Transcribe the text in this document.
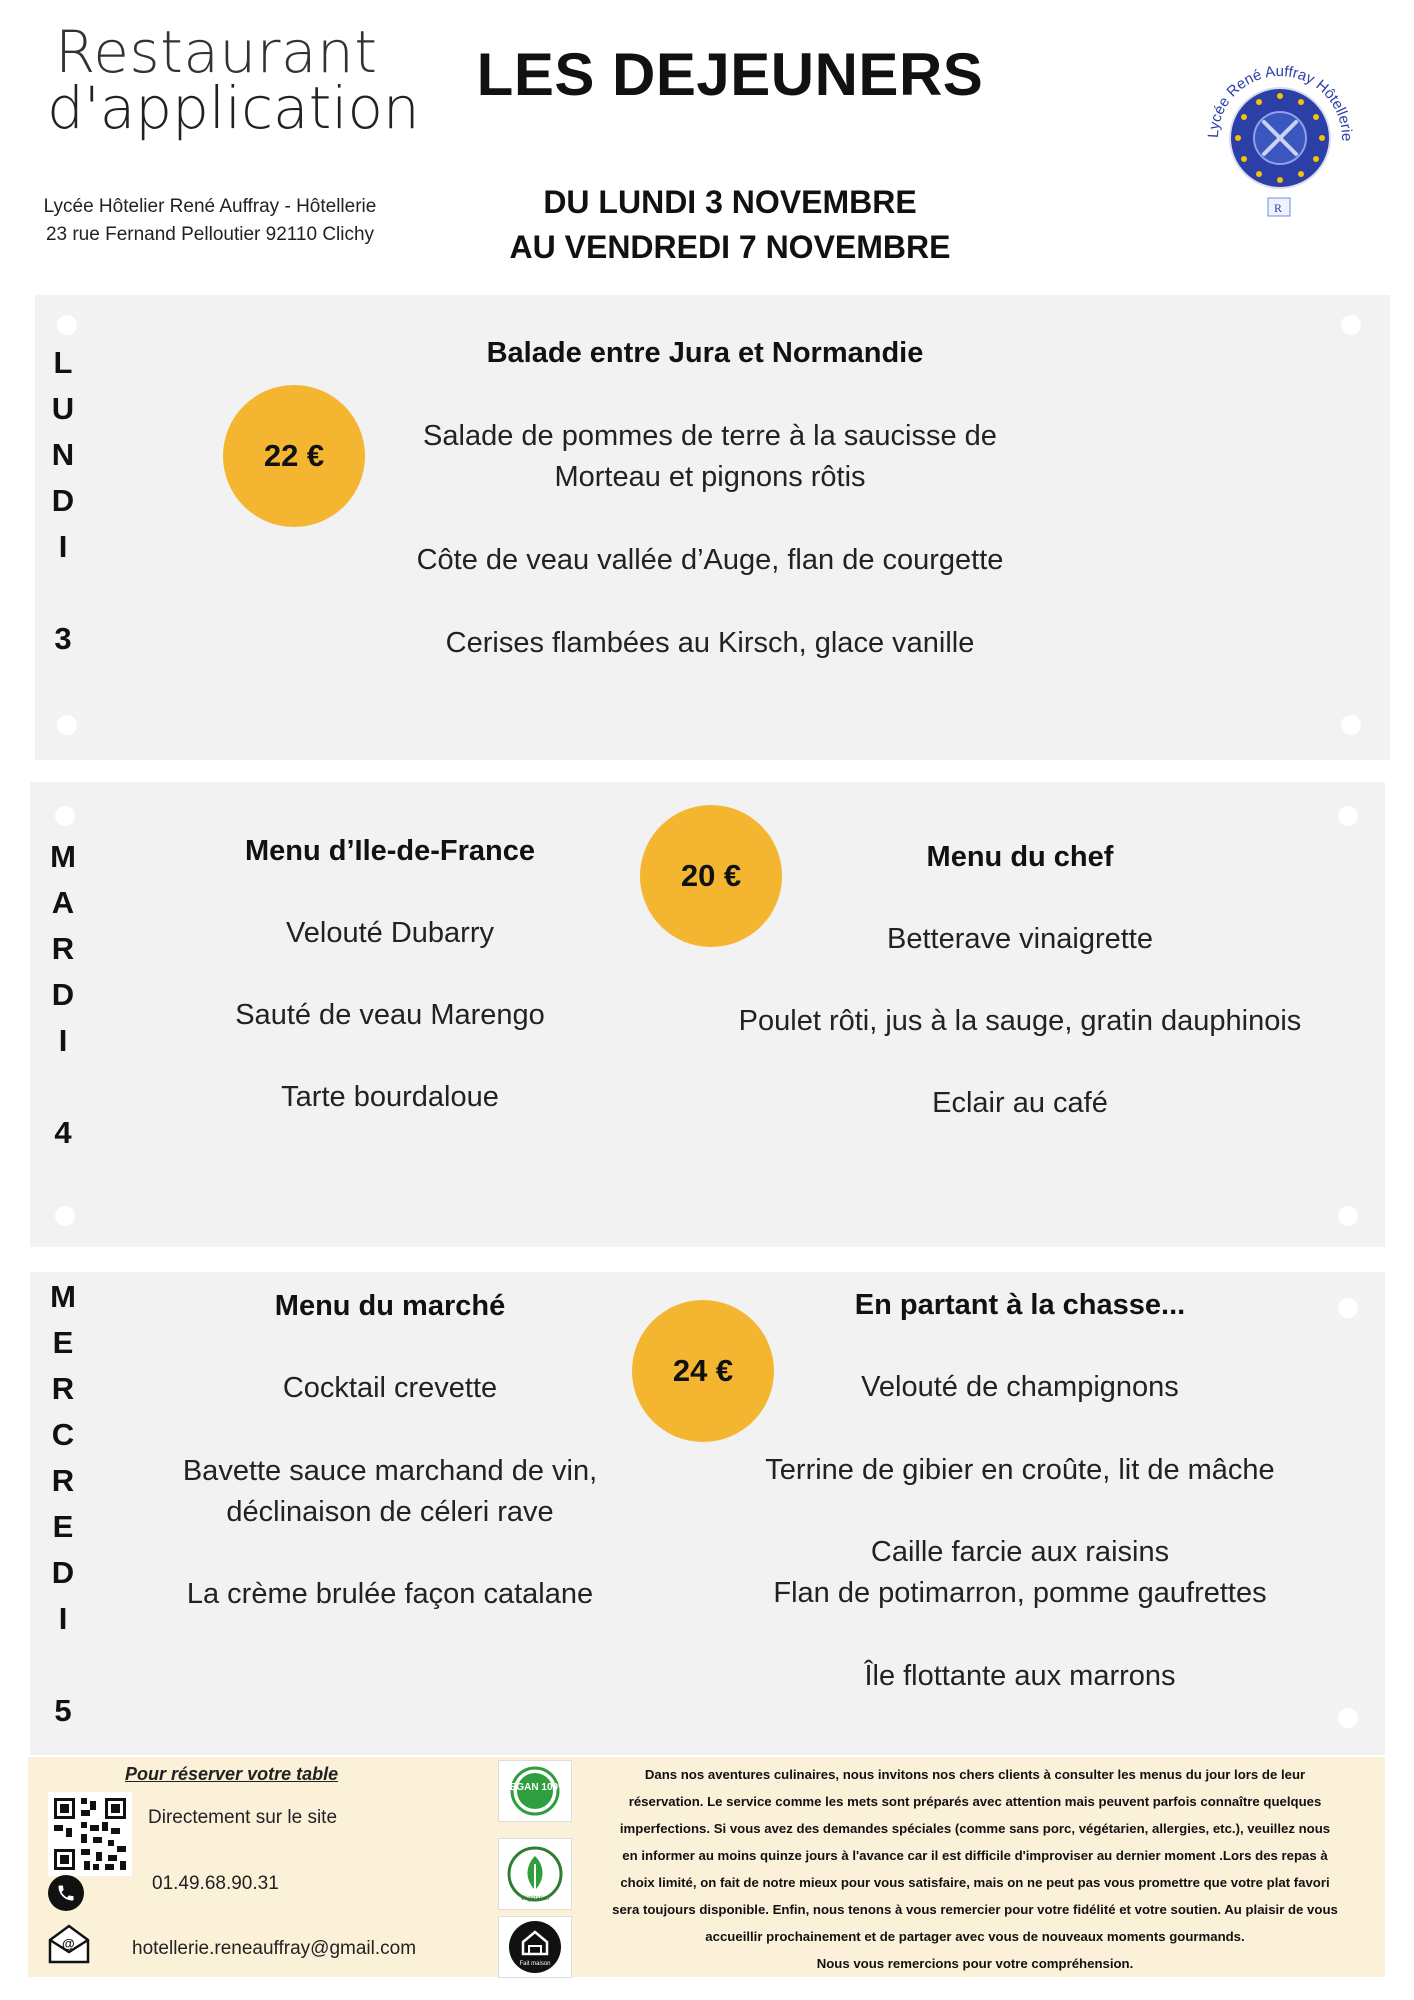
Restaurant
d'application
Lycée Hôtelier René Auffray - Hôtellerie
23 rue Fernand Pelloutier 92110 Clichy
LES DEJEUNERS
DU LUNDI 3 NOVEMBRE
AU VENDREDI 7 NOVEMBRE
Lycée René Auffray Hôtellerie
R
L
U
N
D
I
3
22 €
Balade entre Jura et Normandie
Salade de pommes de terre à la saucisse de
Morteau et pignons rôtis
Côte de veau vallée d’Auge, flan de courgette
Cerises flambées au Kirsch, glace vanille
M
A
R
D
I
4
20 €
Menu d’Ile-de-France
Velouté Dubarry
Sauté de veau Marengo
Tarte bourdaloue
Menu du chef
Betterave vinaigrette
Poulet rôti, jus à la sauge, gratin dauphinois
Eclair au café
M
E
R
C
R
E
D
I
5
24 €
Menu du marché
Cocktail crevette
Bavette sauce marchand de vin,
déclinaison de céleri rave
La crème brulée façon catalane
En partant à la chasse...
Velouté de champignons
Terrine de gibier en croûte, lit de mâche
Caille farcie aux raisins
Flan de potimarron, pomme gaufrettes
Île flottante aux marrons
Pour réserver votre table
Directement sur le site
01.49.68.90.31
@	hotellerie.reneauffray@gmail.com
VEGAN 100%
Végétarien
Fait maison
Dans nos aventures culinaires, nous invitons nos chers clients à consulter les menus du jour lors de leur
réservation. Le service comme les mets sont préparés avec attention mais peuvent parfois connaître quelques
imperfections. Si vous avez des demandes spéciales (comme sans porc, végétarien, allergies, etc.), veuillez nous
en informer au moins quinze jours à l'avance car il est difficile d'improviser au dernier moment .Lors des repas à
choix limité, on fait de notre mieux pour vous satisfaire, mais on ne peut pas vous promettre que votre plat favori
sera toujours disponible. Enfin, nous tenons à vous remercier pour votre fidélité et votre soutien. Au plaisir de vous
accueillir prochainement et de partager avec vous de nouveaux moments gourmands.
Nous vous remercions pour votre compréhension.
